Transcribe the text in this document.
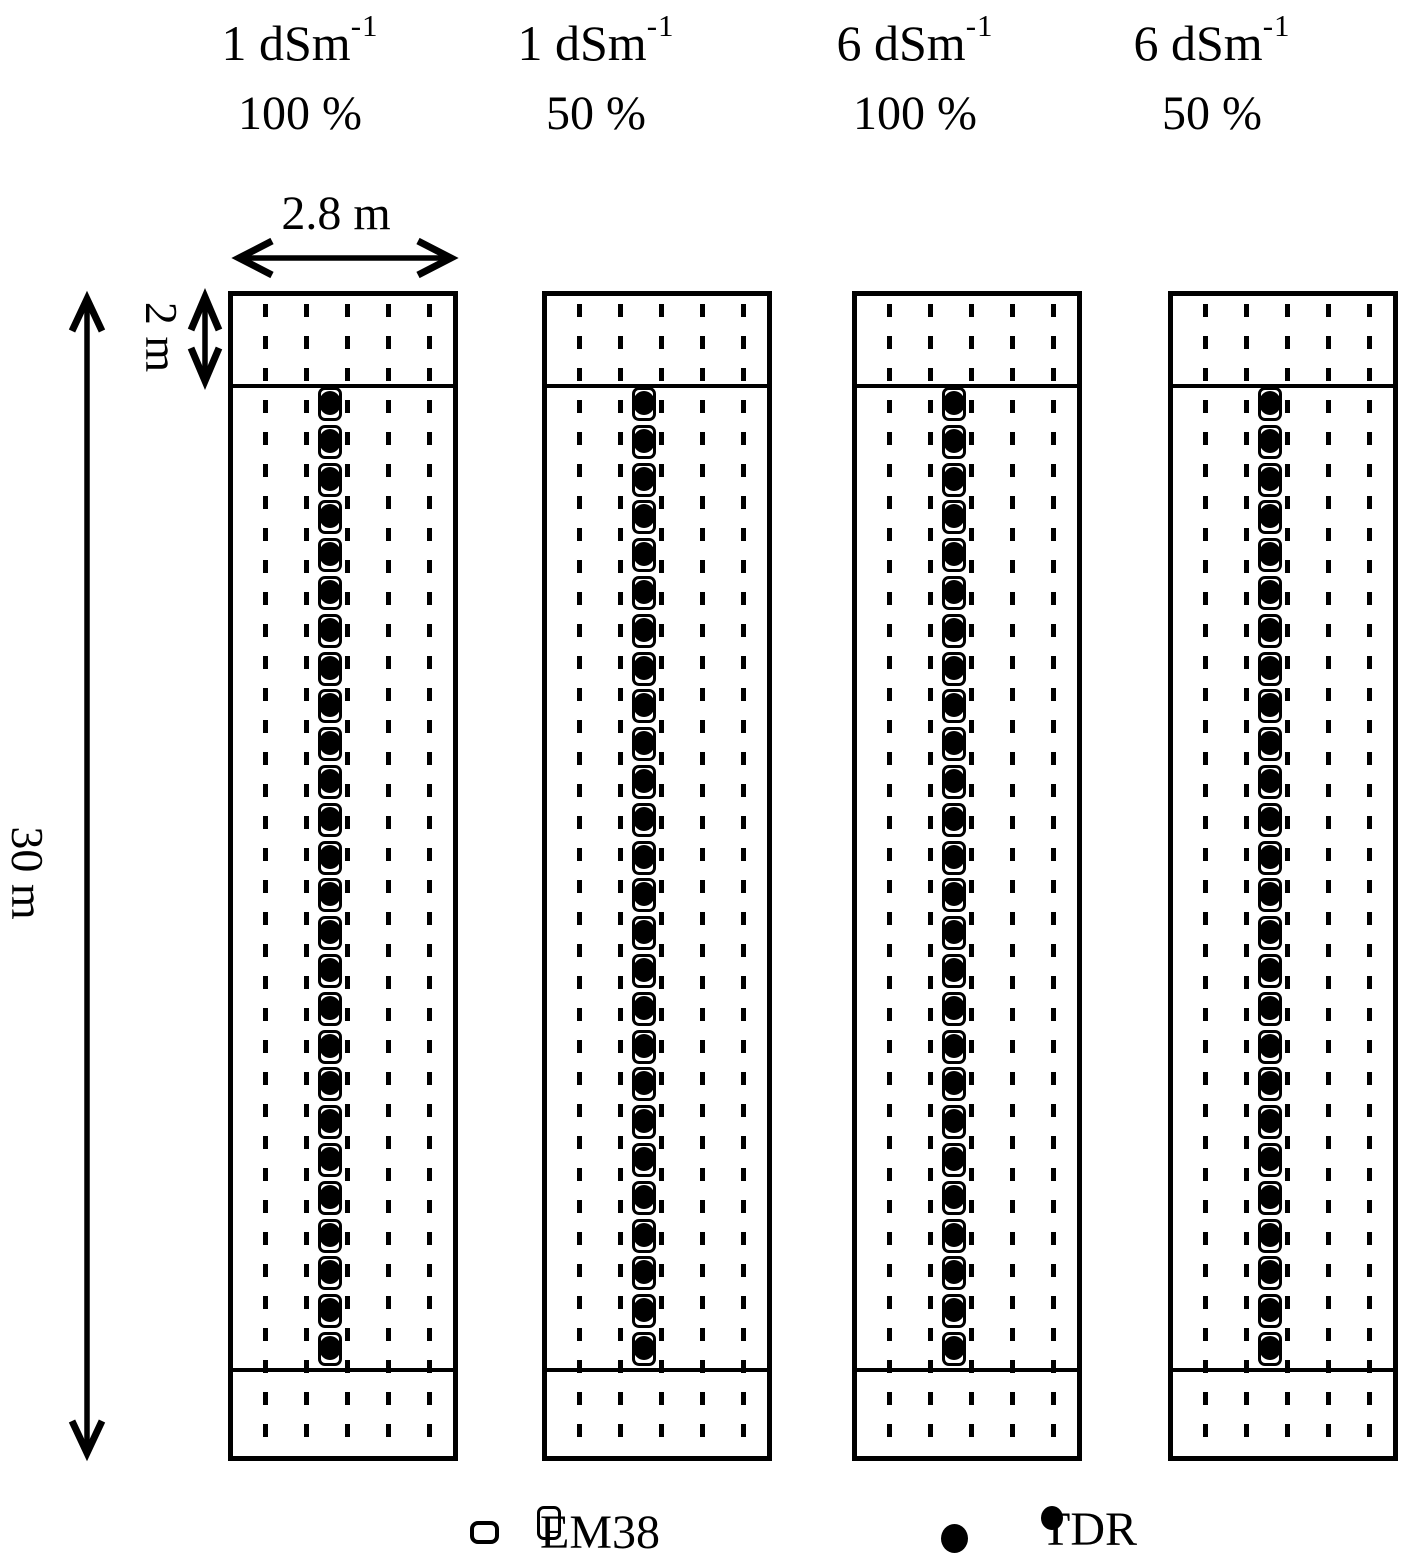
1 dSm$^{-1}$
100 %
1 dSm$^{-1}$
50 %
6 dSm$^{-1}$
100 %
6 dSm$^{-1}$
50 %
2.8 m
2 m
30 m
EM38	TDR
